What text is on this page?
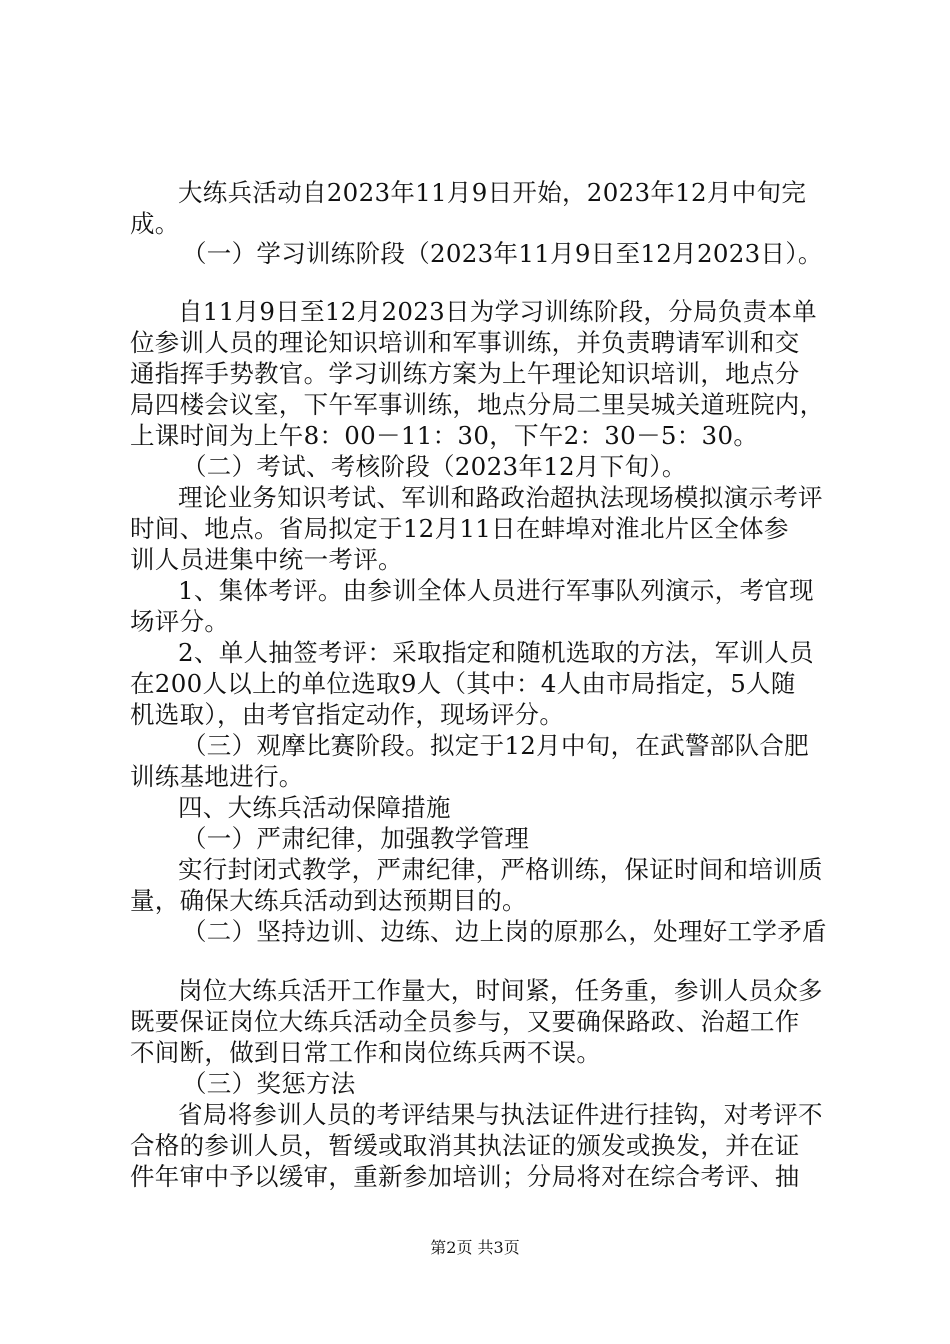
大练兵活动自2023年11月9日开始，2023年12月中旬完
成。
（一）学习训练阶段（2023年11月9日至12月2023日）。
自11月9日至12月2023日为学习训练阶段，分局负责本单
位参训人员的理论知识培训和军事训练，并负责聘请军训和交
通指挥手势教官。学习训练方案为上午理论知识培训，地点分
局四楼会议室，下午军事训练，地点分局二里吴城关道班院内，
上课时间为上午8：00－11：30，下午2：30－5：30。
（二）考试、考核阶段（2023年12月下旬）。
理论业务知识考试、军训和路政治超执法现场模拟演示考评
时间、地点。省局拟定于12月11日在蚌埠对淮北片区全体参
训人员进集中统一考评。
1、集体考评。由参训全体人员进行军事队列演示，考官现
场评分。
2、单人抽签考评：采取指定和随机选取的方法，军训人员
在200人以上的单位选取9人（其中：4人由市局指定，5人随
机选取），由考官指定动作，现场评分。
（三）观摩比赛阶段。拟定于12月中旬，在武警部队合肥
训练基地进行。
四、大练兵活动保障措施
（一）严肃纪律，加强教学管理
实行封闭式教学，严肃纪律，严格训练，保证时间和培训质
量，确保大练兵活动到达预期目的。
（二）坚持边训、边练、边上岗的原那么，处理好工学矛盾
岗位大练兵活开工作量大，时间紧，任务重，参训人员众多
既要保证岗位大练兵活动全员参与，又要确保路政、治超工作
不间断，做到日常工作和岗位练兵两不误。
（三）奖惩方法
省局将参训人员的考评结果与执法证件进行挂钩，对考评不
合格的参训人员，暂缓或取消其执法证的颁发或换发，并在证
件年审中予以缓审，重新参加培训；分局将对在综合考评、抽
第2页 共3页
